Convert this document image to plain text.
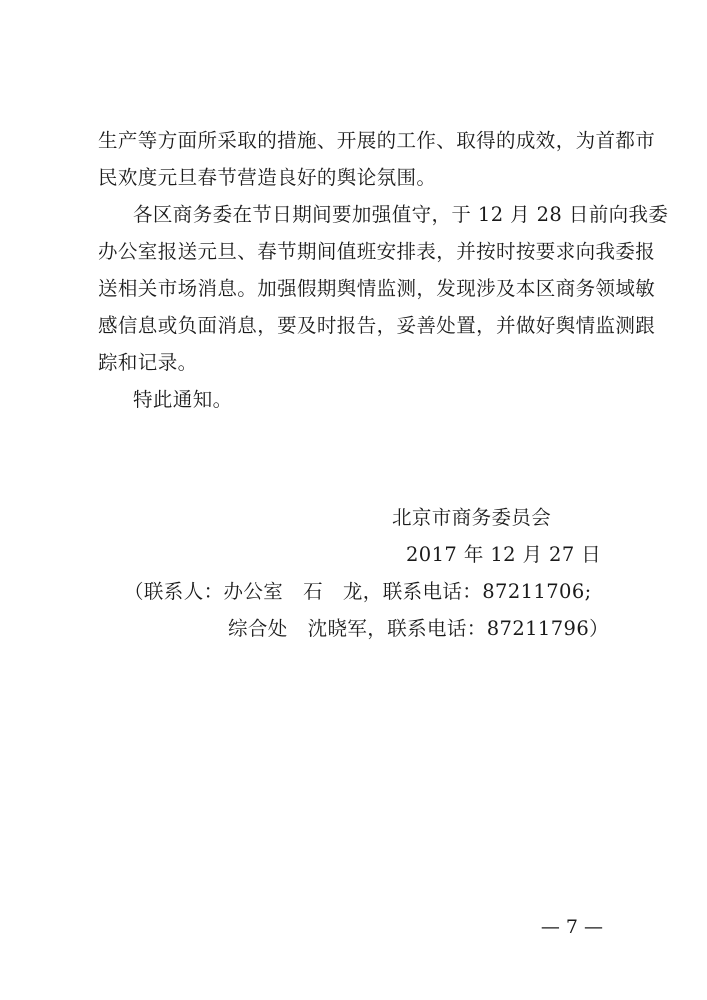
生产等方面所采取的措施、开展的工作、取得的成效，为首都市
民欢度元旦春节营造良好的舆论氛围。
各区商务委在节日期间要加强值守，于 12 月 28 日前向我委
办公室报送元旦、春节期间值班安排表，并按时按要求向我委报
送相关市场消息。加强假期舆情监测，发现涉及本区商务领域敏
感信息或负面消息，要及时报告，妥善处置，并做好舆情监测跟
踪和记录。
特此通知。
北京市商务委员会
2017 年 12 月 27 日
（联系人：办公室　石　龙，联系电话：87211706;
综合处　沈晓军，联系电话：87211796）
— 7 —
